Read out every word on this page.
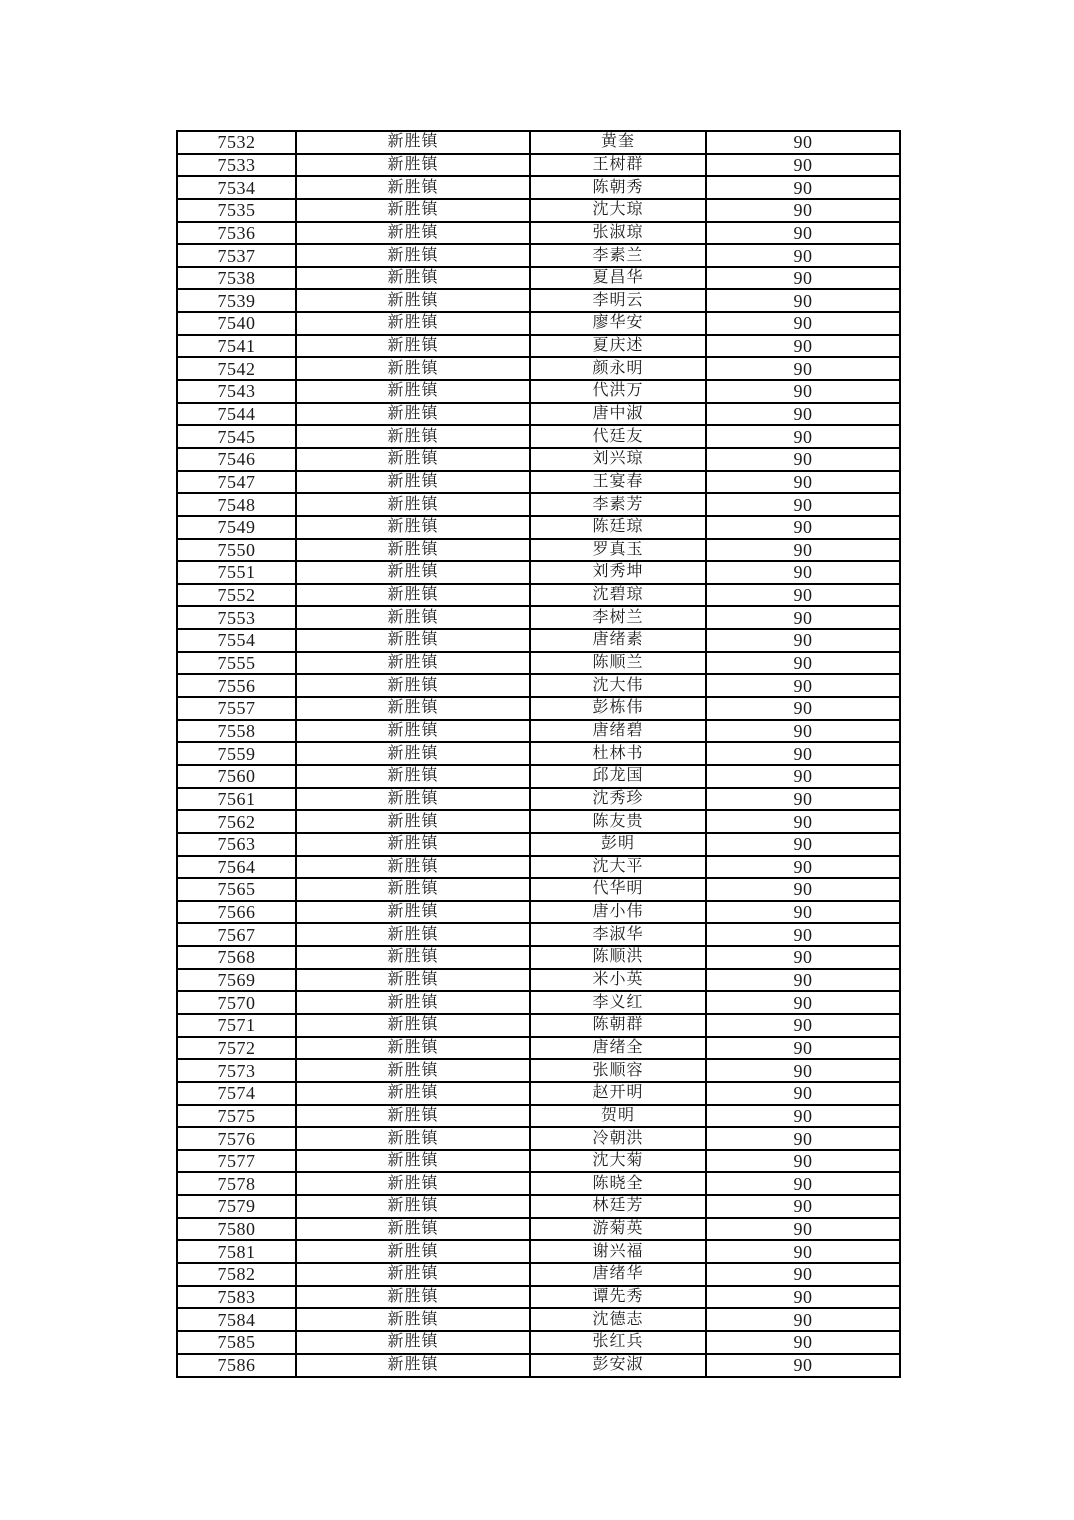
7532	新胜镇	黄奎	90
7533	新胜镇	王树群	90
7534	新胜镇	陈朝秀	90
7535	新胜镇	沈大琼	90
7536	新胜镇	张淑琼	90
7537	新胜镇	李素兰	90
7538	新胜镇	夏昌华	90
7539	新胜镇	李明云	90
7540	新胜镇	廖华安	90
7541	新胜镇	夏庆述	90
7542	新胜镇	颜永明	90
7543	新胜镇	代洪万	90
7544	新胜镇	唐中淑	90
7545	新胜镇	代廷友	90
7546	新胜镇	刘兴琼	90
7547	新胜镇	王宴春	90
7548	新胜镇	李素芳	90
7549	新胜镇	陈廷琼	90
7550	新胜镇	罗真玉	90
7551	新胜镇	刘秀坤	90
7552	新胜镇	沈碧琼	90
7553	新胜镇	李树兰	90
7554	新胜镇	唐绪素	90
7555	新胜镇	陈顺兰	90
7556	新胜镇	沈大伟	90
7557	新胜镇	彭栋伟	90
7558	新胜镇	唐绪碧	90
7559	新胜镇	杜林书	90
7560	新胜镇	邱龙国	90
7561	新胜镇	沈秀珍	90
7562	新胜镇	陈友贵	90
7563	新胜镇	彭明	90
7564	新胜镇	沈大平	90
7565	新胜镇	代华明	90
7566	新胜镇	唐小伟	90
7567	新胜镇	李淑华	90
7568	新胜镇	陈顺洪	90
7569	新胜镇	米小英	90
7570	新胜镇	李义红	90
7571	新胜镇	陈朝群	90
7572	新胜镇	唐绪全	90
7573	新胜镇	张顺容	90
7574	新胜镇	赵开明	90
7575	新胜镇	贺明	90
7576	新胜镇	冷朝洪	90
7577	新胜镇	沈大菊	90
7578	新胜镇	陈晓全	90
7579	新胜镇	林廷芳	90
7580	新胜镇	游菊英	90
7581	新胜镇	谢兴福	90
7582	新胜镇	唐绪华	90
7583	新胜镇	谭先秀	90
7584	新胜镇	沈德志	90
7585	新胜镇	张红兵	90
7586	新胜镇	彭安淑	90
